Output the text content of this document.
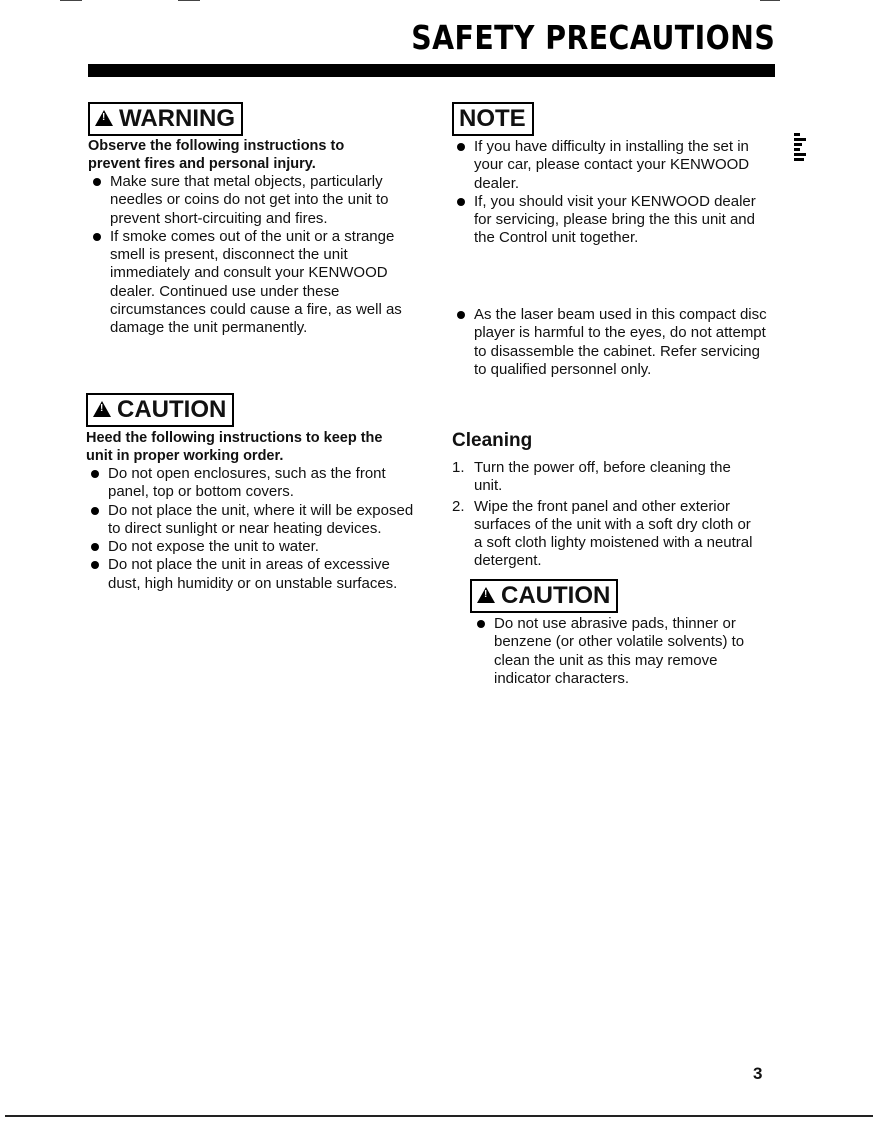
SAFETY PRECAUTIONS
!
WARNING
Observe the following instructions to prevent fires and personal injury.
Make sure that metal objects, particularly needles or coins do not get into the unit to prevent short-circuiting and fires.
If smoke comes out of the unit or a strange smell is present, disconnect the unit immediately and consult your KENWOOD dealer. Continued use under these circumstances could cause a fire, as well as damage the unit permanently.
!
CAUTION
Heed the following instructions to keep the unit in proper working order.
Do not open enclosures, such as the front panel, top or bottom covers.
Do not place the unit, where it will be exposed to direct sunlight or near heating devices.
Do not expose the unit to water.
Do not place the unit in areas of excessive dust, high humidity or on unstable surfaces.
NOTE
If you have difficulty in installing the set in your car, please contact your KENWOOD dealer.
If, you should visit your KENWOOD dealer for servicing, please bring the this unit and the Control unit together.
As the laser beam used in this compact disc player is harmful to the eyes, do not attempt to disassemble the cabinet. Refer servicing to qualified personnel only.
Cleaning
1. Turn the power off, before cleaning the unit.
2. Wipe the front panel and other exterior surfaces of the unit with a soft dry cloth or a soft cloth lighty moistened with a neutral detergent.
!
CAUTION
Do not use abrasive pads, thinner or benzene (or other volatile solvents) to clean the unit as this may remove indicator characters.
3
